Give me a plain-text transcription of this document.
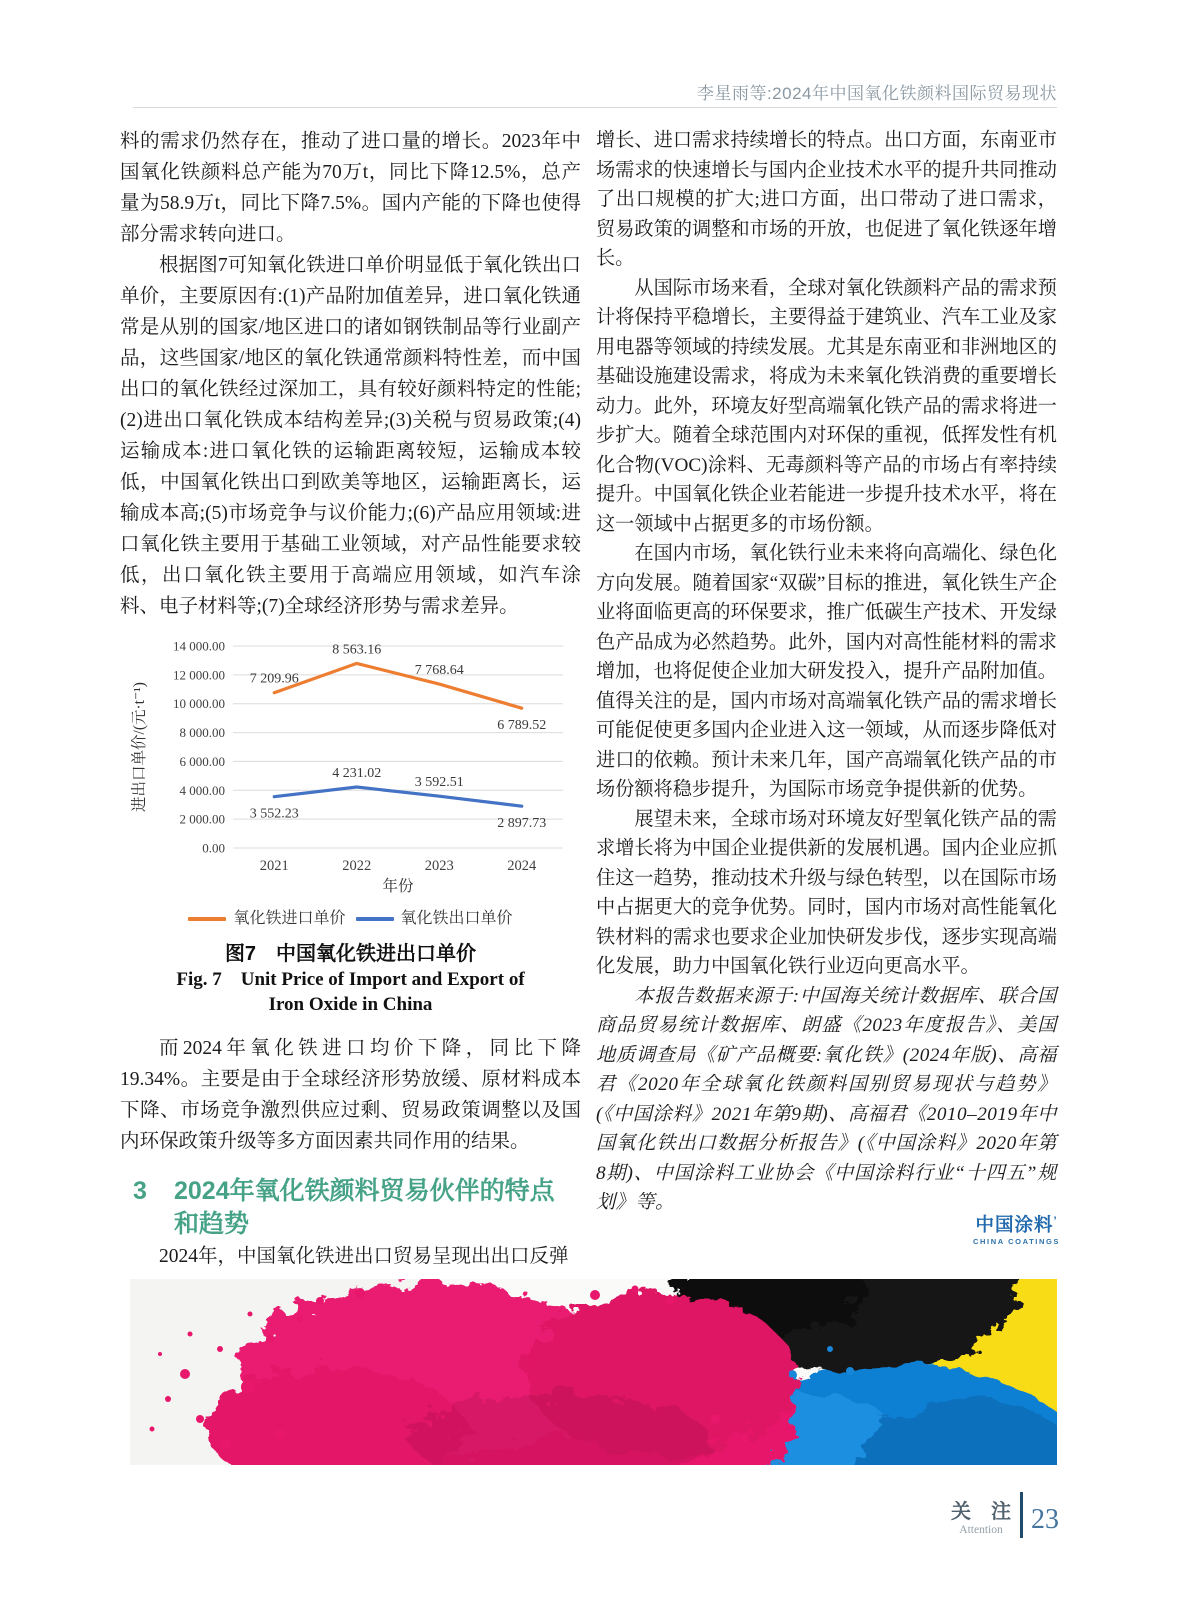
李星雨等:2024年中国氧化铁颜料国际贸易现状

料的需求仍然存在，推动了进口量的增长。2023年中国氧化铁颜料总产能为70万t，同比下降12.5%，总产量为58.9万t，同比下降7.5%。国内产能的下降也使得部分需求转向进口。

根据图7可知氧化铁进口单价明显低于氧化铁出口单价，主要原因有:(1)产品附加值差异，进口氧化铁通常是从别的国家/地区进口的诸如钢铁制品等行业副产品，这些国家/地区的氧化铁通常颜料特性差，而中国出口的氧化铁经过深加工，具有较好颜料特定的性能;(2)进出口氧化铁成本结构差异;(3)关税与贸易政策;(4)运输成本:进口氧化铁的运输距离较短，运输成本较低，中国氧化铁出口到欧美等地区，运输距离长，运输成本高;(5)市场竞争与议价能力;(6)产品应用领域:进口氧化铁主要用于基础工业领域，对产品性能要求较低，出口氧化铁主要用于高端应用领域，如汽车涂料、电子材料等;(7)全球经济形势与需求差异。

0.00
2 000.00
4 000.00
6 000.00
8 000.00
10 000.00
12 000.00
14 000.00
2021	2022	2023	2024
年份
进出口单价/(元·t⁻¹)
7 209.96
8 563.16
7 768.64
6 789.52
3 552.23
4 231.02
3 592.51
2 897.73
氧化铁进口单价	氧化铁出口单价
图7　中国氧化铁进出口单价
Fig. 7　Unit Price of Import and Export of
Iron Oxide in China

而2024年氧化铁进口均价下降，同比下降19.34%。主要是由于全球经济形势放缓、原材料成本下降、市场竞争激烈供应过剩、贸易政策调整以及国内环保政策升级等多方面因素共同作用的结果。

3	2024年氧化铁颜料贸易伙伴的特点
和趋势

2024年，中国氧化铁进出口贸易呈现出出口反弹

增长、进口需求持续增长的特点。出口方面，东南亚市场需求的快速增长与国内企业技术水平的提升共同推动了出口规模的扩大;进口方面，出口带动了进口需求，贸易政策的调整和市场的开放，也促进了氧化铁逐年增长。

从国际市场来看，全球对氧化铁颜料产品的需求预计将保持平稳增长，主要得益于建筑业、汽车工业及家用电器等领域的持续发展。尤其是东南亚和非洲地区的基础设施建设需求，将成为未来氧化铁消费的重要增长动力。此外，环境友好型高端氧化铁产品的需求将进一步扩大。随着全球范围内对环保的重视，低挥发性有机化合物(VOC)涂料、无毒颜料等产品的市场占有率持续提升。中国氧化铁企业若能进一步提升技术水平，将在这一领域中占据更多的市场份额。

在国内市场，氧化铁行业未来将向高端化、绿色化方向发展。随着国家“双碳”目标的推进，氧化铁生产企业将面临更高的环保要求，推广低碳生产技术、开发绿色产品成为必然趋势。此外，国内对高性能材料的需求增加，也将促使企业加大研发投入，提升产品附加值。值得关注的是，国内市场对高端氧化铁产品的需求增长可能促使更多国内企业进入这一领域，从而逐步降低对进口的依赖。预计未来几年，国产高端氧化铁产品的市场份额将稳步提升，为国际市场竞争提供新的优势。

展望未来，全球市场对环境友好型氧化铁产品的需求增长将为中国企业提供新的发展机遇。国内企业应抓住这一趋势，推动技术升级与绿色转型，以在国际市场中占据更大的竞争优势。同时，国内市场对高性能氧化铁材料的需求也要求企业加快研发步伐，逐步实现高端化发展，助力中国氧化铁行业迈向更高水平。

本报告数据来源于:中国海关统计数据库、联合国商品贸易统计数据库、朗盛《2023年度报告》、美国地质调查局《矿产品概要:氧化铁》(2024年版)、高福君《2020年全球氧化铁颜料国别贸易现状与趋势》(《中国涂料》2021年第9期)、高福君《2010–2019年中国氧化铁出口数据分析报告》(《中国涂料》2020年第8期)、中国涂料工业协会《中国涂料行业“十四五”规划》等。

中国涂料’
CHINA COATINGS
关　注
Attention 23
